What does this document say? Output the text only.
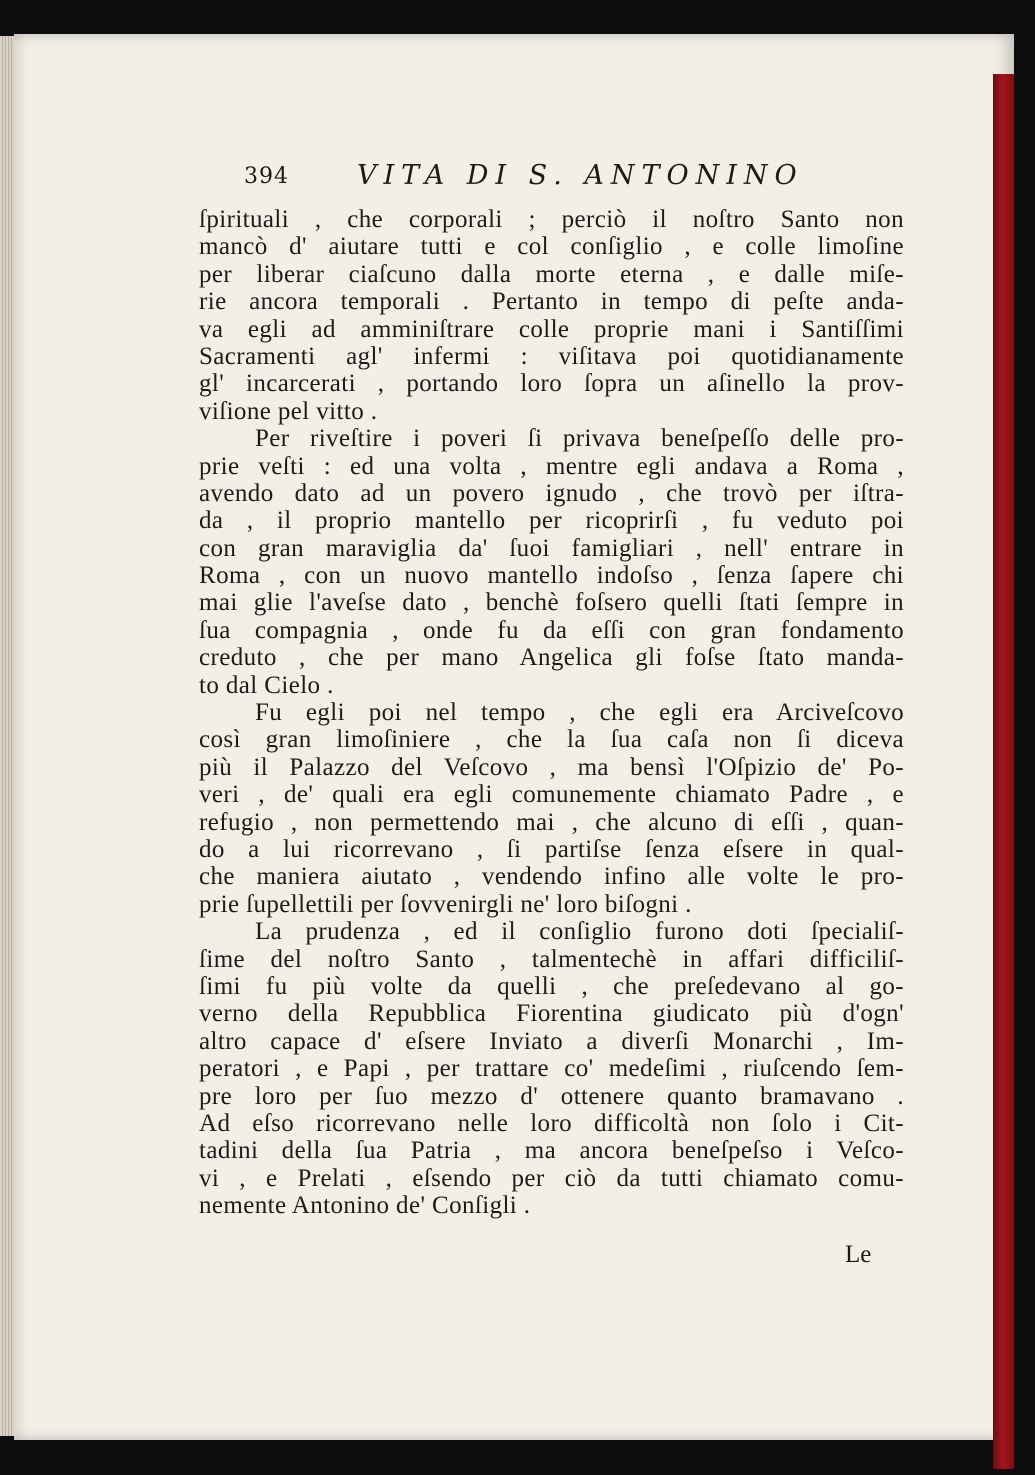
394	VITA DI S. ANTONINO
ſpirituali , che corporali ; perciò il noſtro Santo non
mancò d' aiutare tutti e col conſiglio , e colle limoſine
per liberar ciaſcuno dalla morte eterna , e dalle miſe-
rie ancora temporali . Pertanto in tempo di peſte anda-
va egli ad amminiſtrare colle proprie mani i Santiſſimi
Sacramenti agl' infermi : viſitava poi quotidianamente
gl' incarcerati , portando loro ſopra un aſinello la prov-
viſione pel vitto .
Per riveſtire i poveri ſi privava beneſpeſſo delle pro-
prie veſti : ed una volta , mentre egli andava a Roma ,
avendo dato ad un povero ignudo , che trovò per iſtra-
da , il proprio mantello per ricoprirſi , fu veduto poi
con gran maraviglia da' ſuoi famigliari , nell' entrare in
Roma , con un nuovo mantello indoſso , ſenza ſapere chi
mai glie l'aveſse dato , benchè foſsero quelli ſtati ſempre in
ſua compagnia , onde fu da eſſi con gran fondamento
creduto , che per mano Angelica gli foſse ſtato manda-
to dal Cielo .
Fu egli poi nel tempo , che egli era Arciveſcovo
così gran limoſiniere , che la ſua caſa non ſi diceva
più il Palazzo del Veſcovo , ma bensì l'Oſpizio de' Po-
veri , de' quali era egli comunemente chiamato Padre , e
refugio , non permettendo mai , che alcuno di eſſi , quan-
do a lui ricorrevano , ſi partiſse ſenza eſsere in qual-
che maniera aiutato , vendendo infino alle volte le pro-
prie ſupellettili per ſovvenirgli ne' loro biſogni .
La prudenza , ed il conſiglio furono doti ſpecialiſ-
ſime del noſtro Santo , talmentechè in affari difficiliſ-
ſimi fu più volte da quelli , che preſedevano al go-
verno della Repubblica Fiorentina giudicato più d'ogn'
altro capace d' eſsere Inviato a diverſi Monarchi , Im-
peratori , e Papi , per trattare co' medeſimi , riuſcendo ſem-
pre loro per ſuo mezzo d' ottenere quanto bramavano .
Ad eſso ricorrevano nelle loro difficoltà non ſolo i Cit-
tadini della ſua Patria , ma ancora beneſpeſso i Veſco-
vi , e Prelati , eſsendo per ciò da tutti chiamato comu-
nemente Antonino de' Conſigli .
Le
